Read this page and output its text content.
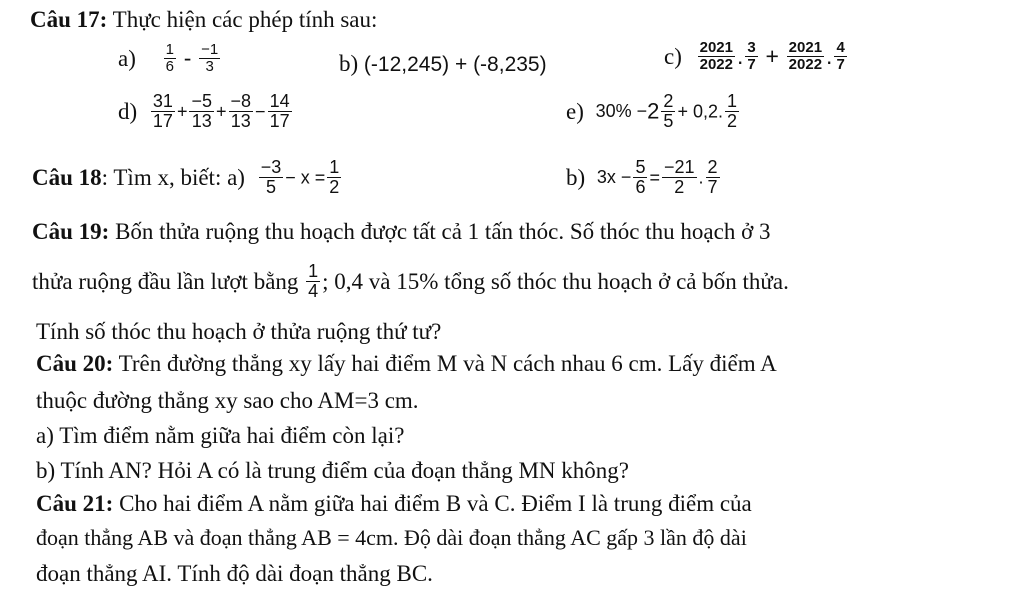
Câu 17: Thực hiện các phép tính sau:
$a) \frac{1}{6} - \frac{-1}{3}$	b) (-12,245) + (-8,235)	$c) \frac{2021}{2022}$ . $\frac{3}{7} + \frac{2021}{2022}$ . $\frac{4}{7}$
$d) \frac{31}{17} + \frac{-5}{13} + \frac{-8}{13} - \frac{14}{17}$	e) $30\% -2 \frac{2}{5} + 0,2$. $\frac{1}{2}$
Câu 18: Tìm x, biết: $a) \frac{-3}{5} - x = \frac{1}{2}$	b) $3x - \frac{5}{6} = \frac{-21}{2}$ . $\frac{2}{7}$
Câu 19: Bốn thửa ruộng thu hoạch được tất cả 1 tấn thóc. Số thóc thu hoạch ở 3
thửa ruộng đầu lần lượt bằng $\frac{1}{4}$ ; 0,4 và 15% tổng số thóc thu hoạch ở cả bốn thửa.
Tính số thóc thu hoạch ở thửa ruộng thứ tư?
Câu 20: Trên đường thẳng xy lấy hai điểm M và N cách nhau 6 cm. Lấy điểm A
thuộc đường thẳng xy sao cho AM=3 cm.
a) Tìm điểm nằm giữa hai điểm còn lại?
b) Tính AN? Hỏi A có là trung điểm của đoạn thẳng MN không?
Câu 21: Cho hai điểm A nằm giữa hai điểm B và C. Điểm I là trung điểm của
đoạn thẳng AB và đoạn thẳng AB = 4cm. Độ dài đoạn thẳng AC gấp 3 lần độ dài
đoạn thẳng AI. Tính độ dài đoạn thẳng BC.
